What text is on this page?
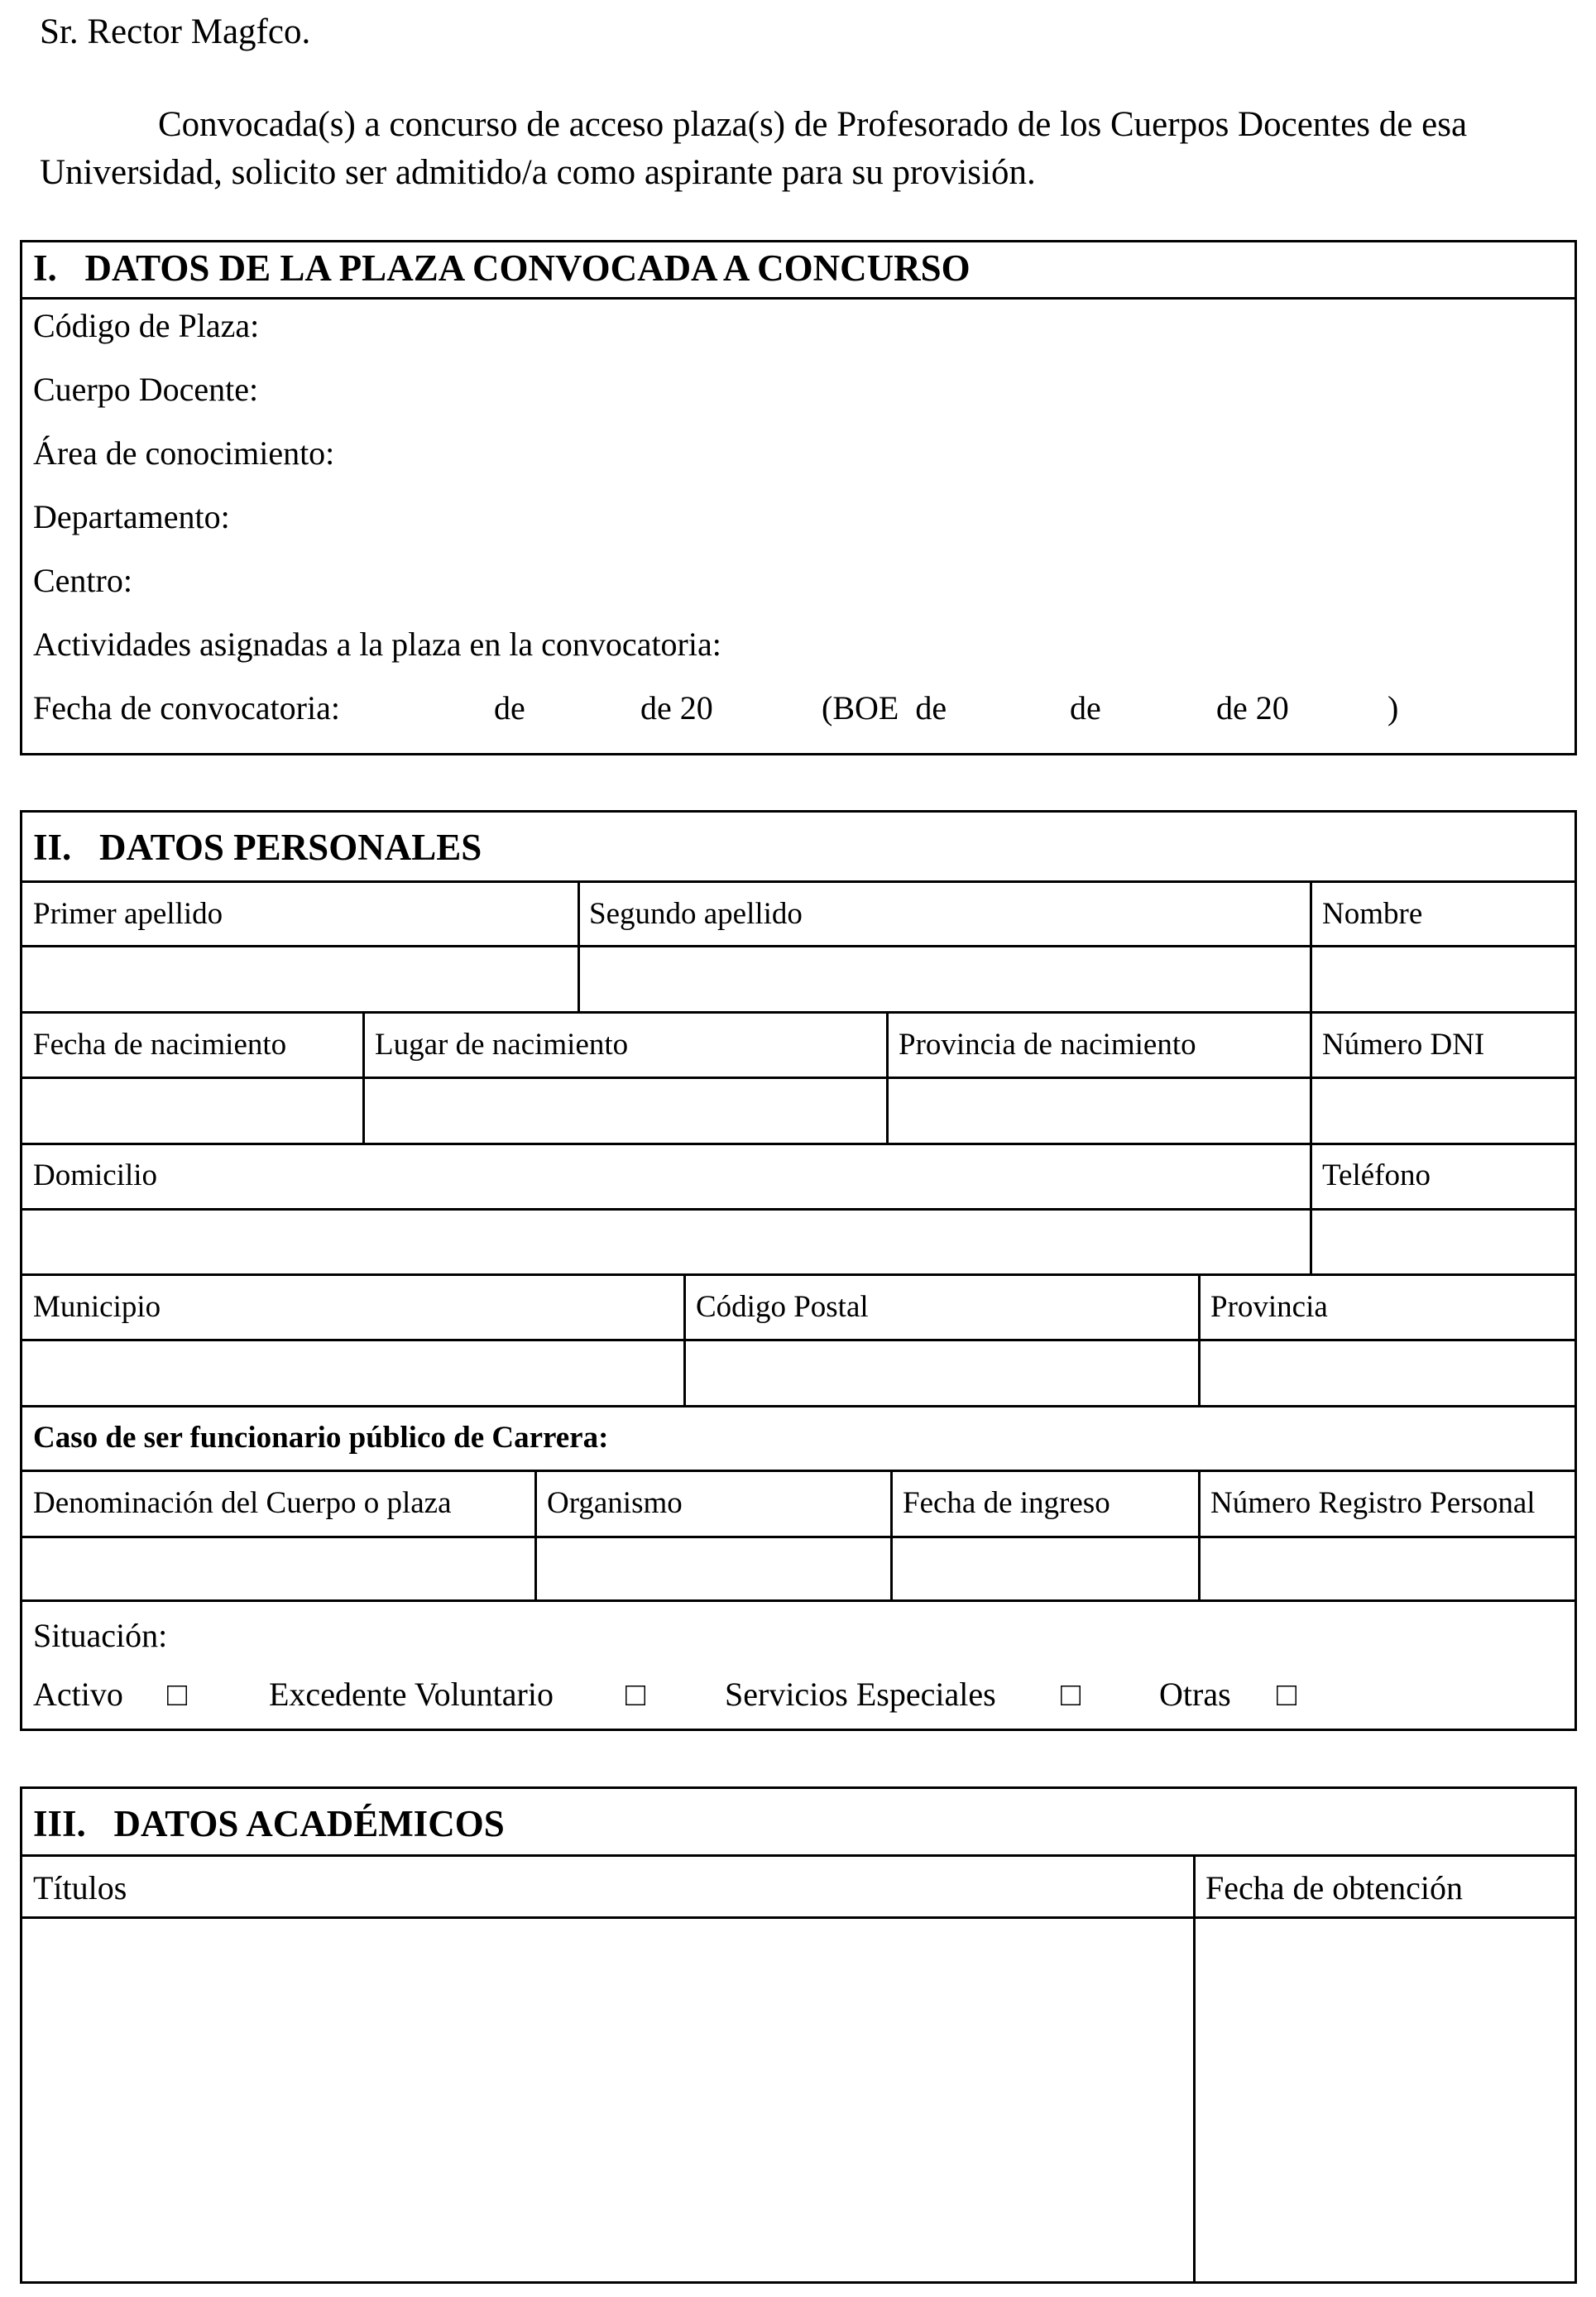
Sr. Rector Magfco.
Convocada(s) a concurso de acceso plaza(s) de Profesorado de los Cuerpos Docentes de esa Universidad, solicito ser admitido/a como aspirante para su provisión.
I. DATOS DE LA PLAZA CONVOCADA A CONCURSO
Código de Plaza:
Cuerpo Docente:
Área de conocimiento:
Departamento:
Centro:
Actividades asignadas a la plaza en la convocatoria:
Fecha de convocatoria:	de	de 20	(BOE  de	de	de 20	)
II. DATOS PERSONALES
Primer apellido	Segundo apellido	Nombre
Fecha de nacimiento	Lugar de nacimiento	Provincia de nacimiento	Número DNI
Domicilio	Teléfono
Municipio	Código Postal	Provincia
Caso de ser funcionario público de Carrera:
Denominación del Cuerpo o plaza	Organismo	Fecha de ingreso	Número Registro Personal
Situación:
Activo □ Excedente Voluntario □ Servicios Especiales □ Otras □
III. DATOS ACADÉMICOS
Títulos	Fecha de obtención
